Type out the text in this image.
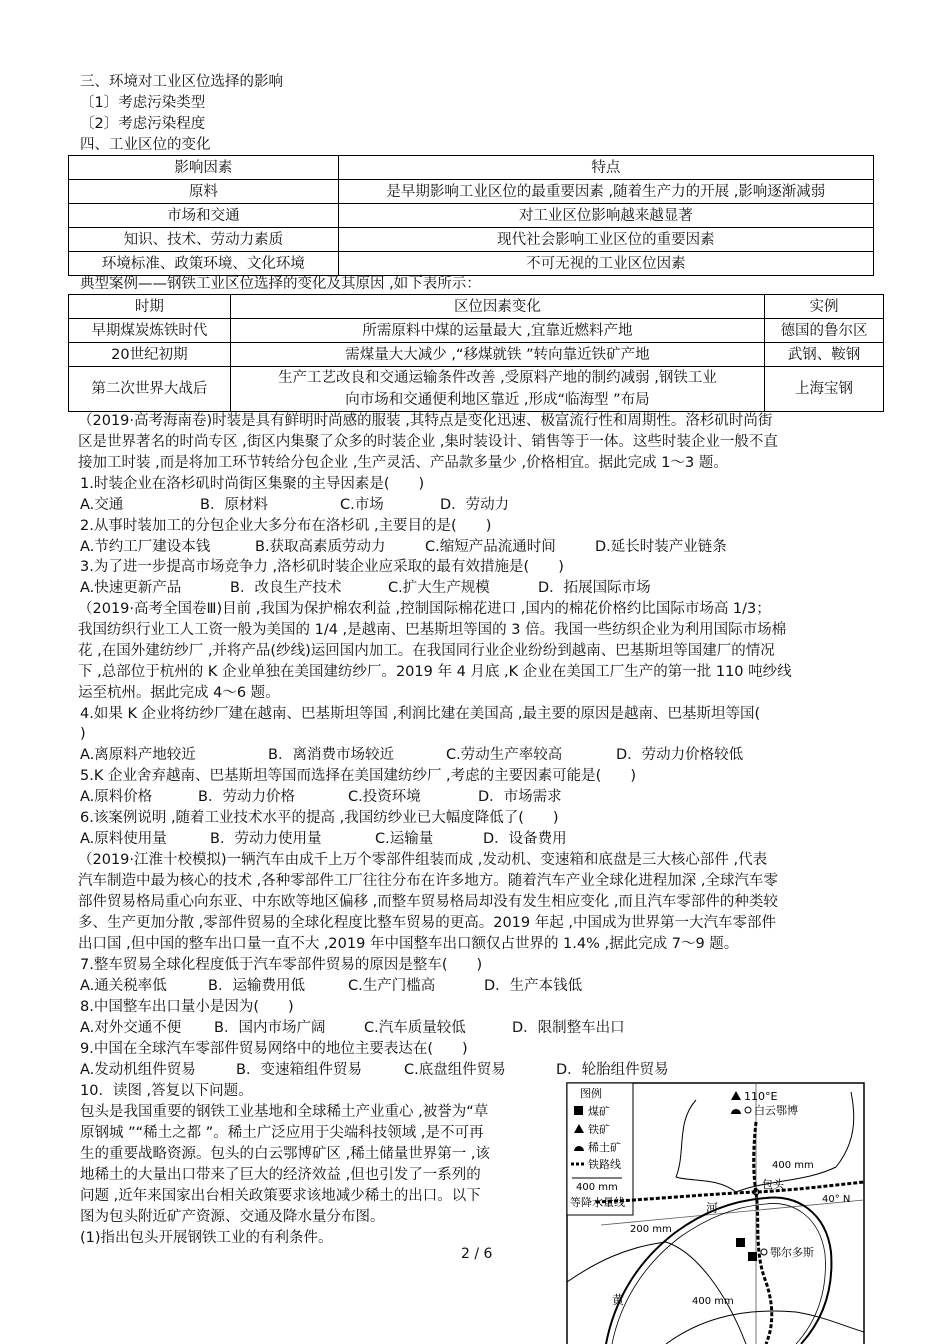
三、环境对工业区位选择的影响
〔1〕考虑污染类型
〔2〕考虑污染程度
四、工业区位的变化
影响因素	特点
原料	是早期影响工业区位的最重要因素 ,随着生产力的开展 ,影响逐渐减弱
市场和交通	对工业区位影响越来越显著
知识、技术、劳动力素质	现代社会影响工业区位的重要因素
环境标准、政策环境、文化环境	不可无视的工业区位因素
典型案例——钢铁工业区位选择的变化及其原因 ,如下表所示：
时期	区位因素变化	实例
早期煤炭炼铁时代	所需原料中煤的运量最大 ,宜靠近燃料产地	德国的鲁尔区
20世纪初期	需煤量大大减少 ,“移煤就铁 ”转向靠近铁矿产地	武钢、鞍钢
第二次世界大战后	生产工艺改良和交通运输条件改善 ,受原料产地的制约减弱 ,钢铁工业
向市场和交通便利地区靠近 ,形成“临海型 ”布局	上海宝钢
（2019·高考海南卷)时装是具有鲜明时尚感的服装 ,其特点是变化迅速、极富流行性和周期性。洛杉矶时尚街
区是世界著名的时尚专区 ,街区内集聚了众多的时装企业 ,集时装设计、销售等于一体。这些时装企业一般不直
接加工时装 ,而是将加工环节转给分包企业 ,生产灵活、产品款多量少 ,价格相宜。据此完成 1～3 题。
1.时装企业在洛杉矶时尚街区集聚的主导因素是(　　)
A.交通	B．原材料	C.市场	D．劳动力
2.从事时装加工的分包企业大多分布在洛杉矶 ,主要目的是(　　)
A.节约工厂建设本钱	B.获取高素质劳动力	C.缩短产品流通时间	D.延长时装产业链条
3.为了进一步提高市场竞争力 ,洛杉矶时装企业应采取的最有效措施是(　　)
A.快速更新产品	B．改良生产技术	C.扩大生产规模	D．拓展国际市场
（2019·高考全国卷Ⅲ)目前 ,我国为保护棉农利益 ,控制国际棉花进口 ,国内的棉花价格约比国际市场高 1/3；
我国纺织行业工人工资一般为美国的 1/4 ,是越南、巴基斯坦等国的 3 倍。我国一些纺织企业为利用国际市场棉
花 ,在国外建纺纱厂 ,并将产品(纱线)运回国内加工。在我国同行业企业纷纷到越南、巴基斯坦等国建厂的情况
下 ,总部位于杭州的 K 企业单独在美国建纺纱厂。2019 年 4 月底 ,K 企业在美国工厂生产的第一批 110 吨纱线
运至杭州。据此完成 4～6 题。
4.如果 K 企业将纺纱厂建在越南、巴基斯坦等国 ,利润比建在美国高 ,最主要的原因是越南、巴基斯坦等国(
)
A.离原料产地较近	B．离消费市场较近	C.劳动生产率较高	D．劳动力价格较低
5.K 企业舍弃越南、巴基斯坦等国而选择在美国建纺纱厂 ,考虑的主要因素可能是(　　)
A.原料价格	B．劳动力价格	C.投资环境	D．市场需求
6.该案例说明 ,随着工业技术水平的提高 ,我国纺纱业已大幅度降低了(　　)
A.原料使用量	B．劳动力使用量	C.运输量	D．设备费用
（2019·江淮十校模拟)一辆汽车由成千上万个零部件组装而成 ,发动机、变速箱和底盘是三大核心部件 ,代表
汽车制造中最为核心的技术 ,各种零部件工厂往往分布在许多地方。随着汽车产业全球化进程加深 ,全球汽车零
部件贸易格局重心向东亚、中东欧等地区偏移 ,而整车贸易格局却没有发生相应变化 ,而且汽车零部件的种类较
多、生产更加分散 ,零部件贸易的全球化程度比整车贸易的更高。2019 年起 ,中国成为世界第一大汽车零部件
出口国 ,但中国的整车出口量一直不大 ,2019 年中国整车出口额仅占世界的 1.4% ,据此完成 7～9 题。
7.整车贸易全球化程度低于汽车零部件贸易的原因是整车(　　)
A.通关税率低	B．运输费用低	C.生产门槛高	D．生产本钱低
8.中国整车出口量小是因为(　　)
A.对外交通不便 B．国内市场广阔	C.汽车质量较低	D．限制整车出口
9.中国在全球汽车零部件贸易网络中的地位主要表达在(　　)
A.发动机组件贸易	B．变速箱组件贸易	C.底盘组件贸易	D．轮胎组件贸易
10．读图 ,答复以下问题。
包头是我国重要的钢铁工业基地和全球稀土产业重心 ,被誉为“草
原钢城 ”“稀土之都 ”。稀土广泛应用于尖端科技领域 ,是不可再
生的重要战略资源。包头的白云鄂博矿区 ,稀土储量世界第一 ,该
地稀土的大量出口带来了巨大的经济效益 ,但也引发了一系列的
问题 ,近年来国家出台相关政策要求该地减少稀土的出口。以下
图为包头附近矿产资源、交通及降水量分布图。
(1)指出包头开展钢铁工业的有利条件。
2 / 6
图例
煤矿
铁矿
稀土矿
铁路线
400 mm
等降水量线
110°E
白云鄂博
40° N
400 mm
200 mm
400 mm
河
黄
包头
鄂尔多斯
